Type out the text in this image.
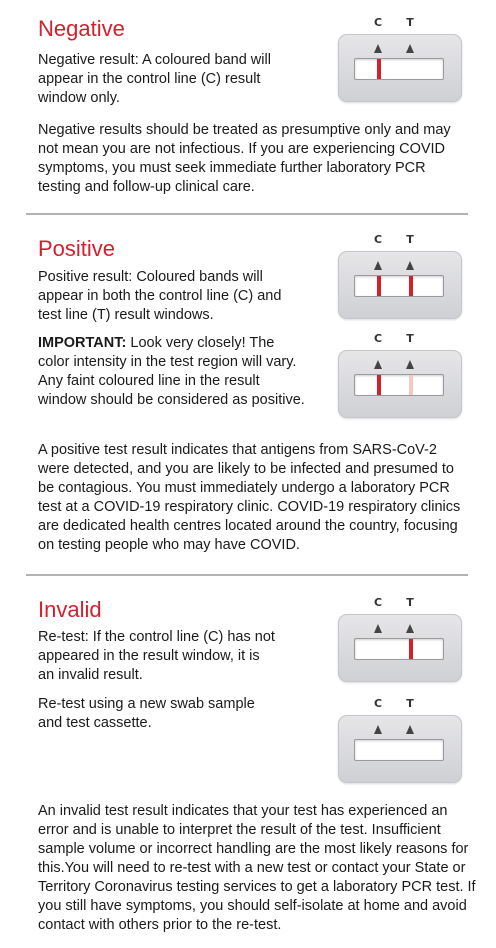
Negative
Negative result: A coloured band will appear in the control line (C) result window only.
Negative results should be treated as presumptive only and may not mean you are not infectious. If you are experiencing COVID symptoms, you must seek immediate further laboratory PCR testing and follow-up clinical care.
Positive
Positive result: Coloured bands will appear in both the control line (C) and test line (T) result windows.
IMPORTANT: Look very closely! The color intensity in the test region will vary. Any faint coloured line in the result window should be considered as positive.
A positive test result indicates that antigens from SARS-CoV-2 were detected, and you are likely to be infected and presumed to be contagious. You must immediately undergo a laboratory PCR test at a COVID-19 respiratory clinic. COVID-19 respiratory clinics are dedicated health centres located around the country, focusing on testing people who may have COVID.
Invalid
Re-test: If the control line (C) has not appeared in the result window, it is an invalid result.
Re-test using a new swab sample and test cassette.
An invalid test result indicates that your test has experienced an error and is unable to interpret the result of the test. Insufficient sample volume or incorrect handling are the most likely reasons for this.You will need to re-test with a new test or contact your State or Territory Coronavirus testing services to get a laboratory PCR test. If you still have symptoms, you should self-isolate at home and avoid contact with others prior to the re-test.
C T
C T
C T
C T
C T
